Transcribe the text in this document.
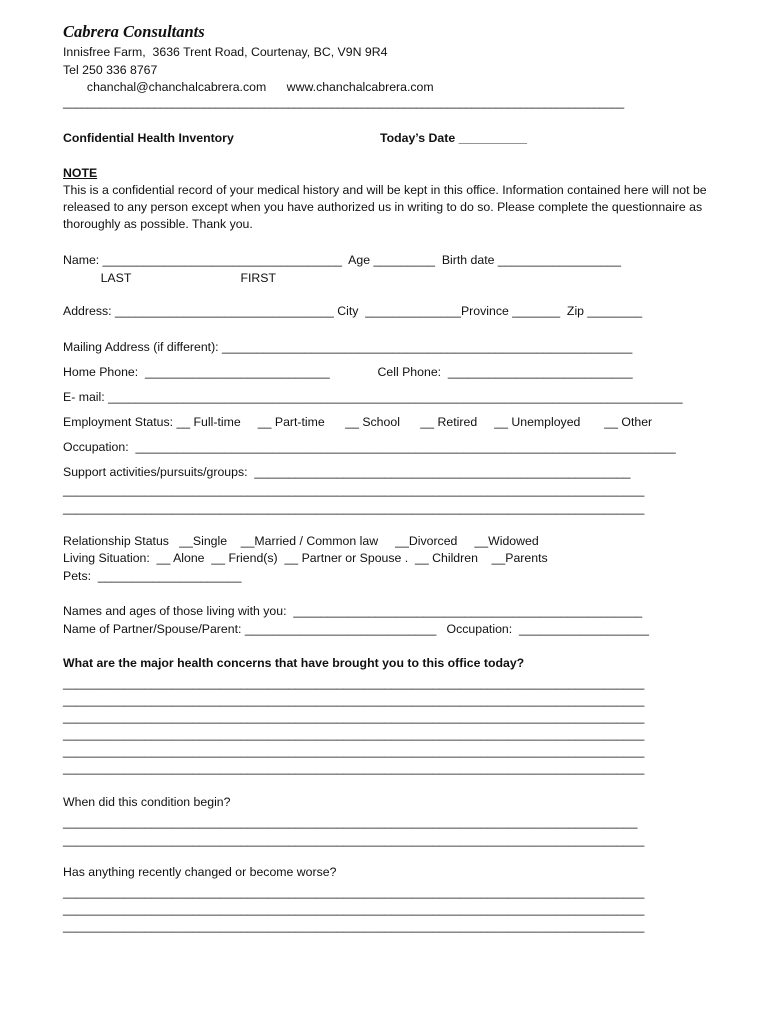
Cabrera Consultants
Innisfree Farm,  3636 Trent Road, Courtenay, BC, V9N 9R4
Tel 250 336 8767
chanchal@chanchalcabrera.com      www.chanchalcabrera.com
____________________________________________________________________________________________
Confidential Health Inventory	Today’s Date __________
NOTE
This is a confidential record of your medical history and will be kept in this office. Information contained here will not be released to any person except when you have authorized us in writing to do so. Please complete the questionnaire as thoroughly as possible. Thank you.
Name: ___________________________________  Age _________  Birth date __________________
LAST                                FIRST
Address: ________________________________ City  ______________Province _______  Zip ________
Mailing Address (if different): ____________________________________________________________
Home Phone:  ___________________________              Cell Phone:  ___________________________
E- mail: ____________________________________________________________________________________
Employment Status: __ Full-time     __ Part-time      __ School      __ Retired     __ Unemployed       __ Other
Occupation:  _______________________________________________________________________________
Support activities/pursuits/groups:  _______________________________________________________
_____________________________________________________________________________________
_____________________________________________________________________________________
Relationship Status   __Single    __Married / Common law     __Divorced     __Widowed
Living Situation:  __ Alone  __ Friend(s)  __ Partner or Spouse .  __ Children    __Parents
Pets:  _____________________
Names and ages of those living with you:  ___________________________________________________
Name of Partner/Spouse/Parent: ____________________________   Occupation:  ___________________
What are the major health concerns that have brought you to this office today?
_____________________________________________________________________________________
_____________________________________________________________________________________
_____________________________________________________________________________________
_____________________________________________________________________________________
_____________________________________________________________________________________
_____________________________________________________________________________________
When did this condition begin?
____________________________________________________________________________________
_____________________________________________________________________________________
Has anything recently changed or become worse?
_____________________________________________________________________________________
_____________________________________________________________________________________
_____________________________________________________________________________________
